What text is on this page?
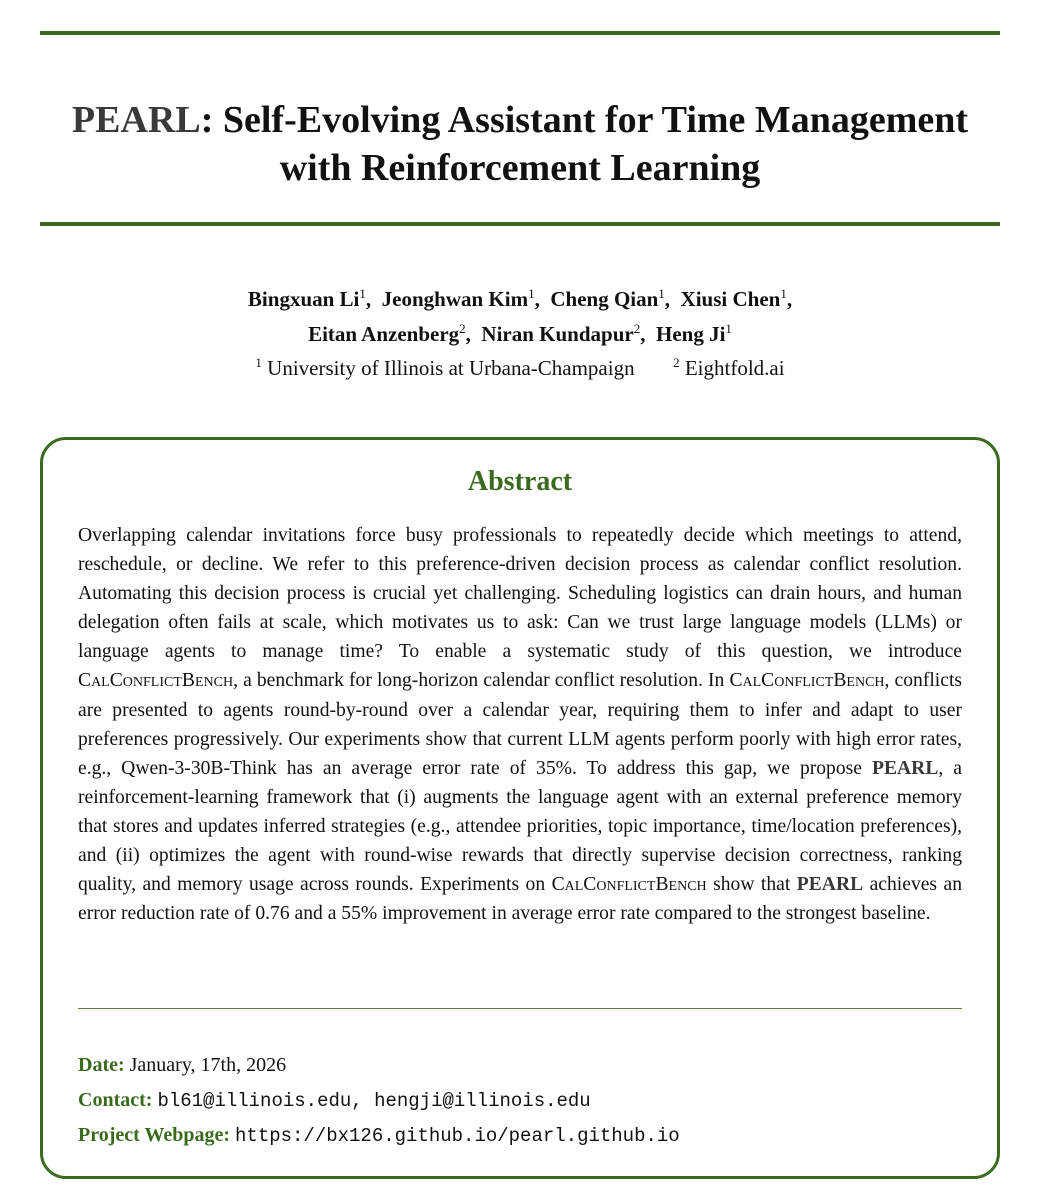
PEARL: Self-Evolving Assistant for Time Management
with Reinforcement Learning
Bingxuan Li$^1$,  Jeonghwan Kim$^1$,  Cheng Qian$^1$,  Xiusi Chen$^1$,
Eitan Anzenberg$^2$,  Niran Kundapur$^2$,  Heng Ji$^1$
$^1$ University of Illinois at Urbana-Champaign	$^2$ Eightfold.ai
Abstract
Overlapping calendar invitations force busy professionals to repeatedly decide which meetings to attend, reschedule, or decline. We refer to this preference-driven decision process as calendar conflict resolution. Automating this decision process is crucial yet challenging. Scheduling logistics can drain hours, and human delegation often fails at scale, which motivates us to ask: Can we trust large language models (LLMs) or language agents to manage time? To enable a systematic study of this question, we introduce CalConflictBench, a benchmark for long-horizon calendar conflict resolution. In CalConflictBench, conflicts are presented to agents round-by-round over a calendar year, requiring them to infer and adapt to user preferences progressively. Our experiments show that current LLM agents perform poorly with high error rates, e.g., Qwen-3-30B-Think has an average error rate of 35%. To address this gap, we propose PEARL, a reinforcement-learning framework that (i) augments the language agent with an external preference memory that stores and updates inferred strategies (e.g., attendee priorities, topic importance, time/location preferences), and (ii) optimizes the agent with round-wise rewards that directly supervise decision correctness, ranking quality, and memory usage across rounds. Experiments on CalConflictBench show that PEARL achieves an error reduction rate of 0.76 and a 55% improvement in average error rate compared to the strongest baseline.
Date: January, 17th, 2026
Contact: bl61@illinois.edu, hengji@illinois.edu
Project Webpage: https://bx126.github.io/pearl.github.io
